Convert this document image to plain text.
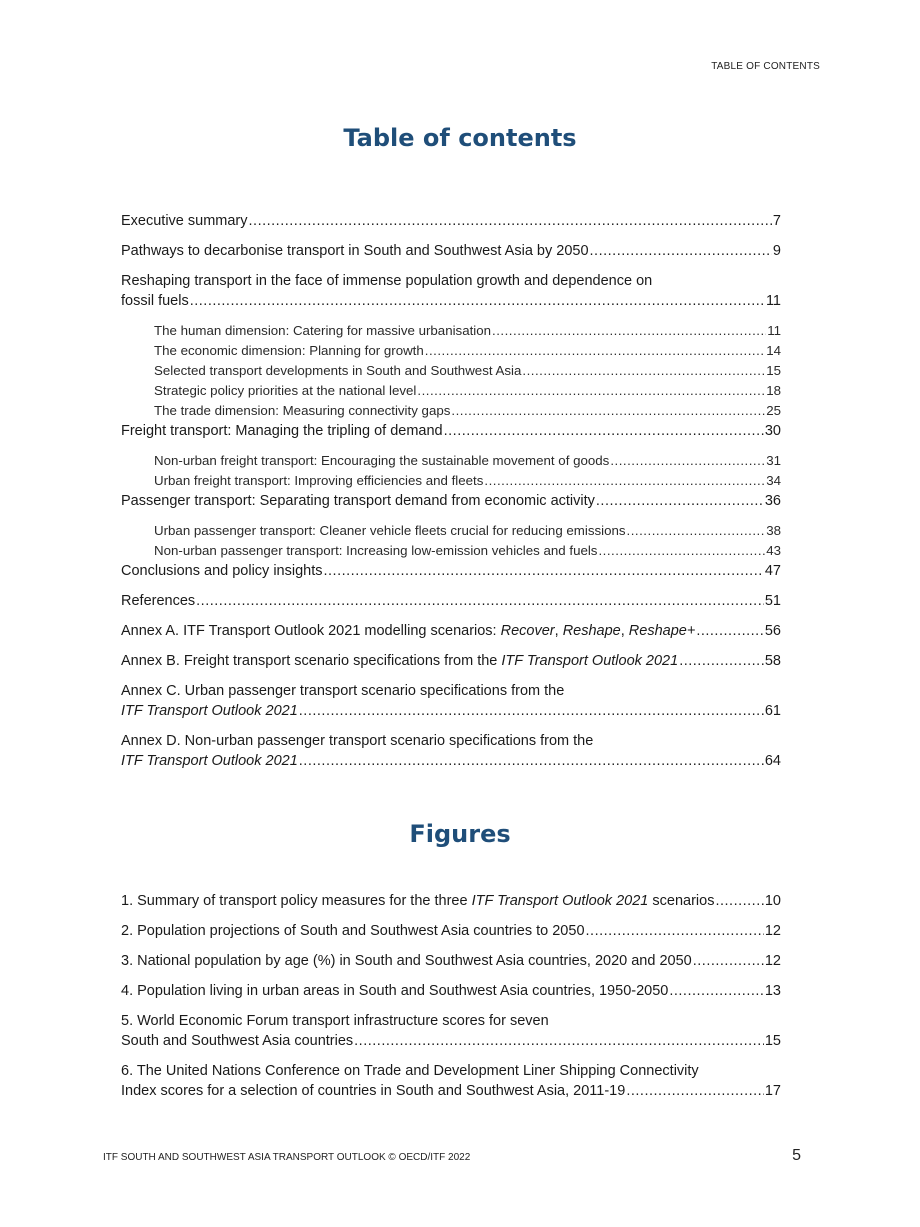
TABLE OF CONTENTS
Table of contents
Executive summary .....	7
Pathways to decarbonise transport in South and Southwest Asia by 2050 .....	9
Reshaping transport in the face of immense population growth and dependence on
fossil fuels .....	11
The human dimension: Catering for massive urbanisation .....	11
The economic dimension: Planning for growth .....	14
Selected transport developments in South and Southwest Asia .....	15
Strategic policy priorities at the national level .....	18
The trade dimension: Measuring connectivity gaps .....	25
Freight transport: Managing the tripling of demand .....	30
Non-urban freight transport: Encouraging the sustainable movement of goods .....	31
Urban freight transport: Improving efficiencies and fleets .....	34
Passenger transport: Separating transport demand from economic activity .....	36
Urban passenger transport: Cleaner vehicle fleets crucial for reducing emissions .....	38
Non-urban passenger transport: Increasing low-emission vehicles and fuels .....	43
Conclusions and policy insights .....	47
References .....	51
Annex A. ITF Transport Outlook 2021 modelling scenarios: Recover, Reshape, Reshape+ .....	56
Annex B. Freight transport scenario specifications from the ITF Transport Outlook 2021 .....	58
Annex C. Urban passenger transport scenario specifications from the
ITF Transport Outlook 2021 .....	61
Annex D. Non-urban passenger transport scenario specifications from the
ITF Transport Outlook 2021 .....	64
Figures
1. Summary of transport policy measures for the three ITF Transport Outlook 2021 scenarios .....	10
2. Population projections of South and Southwest Asia countries to 2050 .....	12
3. National population by age (%) in South and Southwest Asia countries, 2020 and 2050 .....	12
4. Population living in urban areas in South and Southwest Asia countries, 1950-2050 .....	13
5. World Economic Forum transport infrastructure scores for seven
South and Southwest Asia countries .....	15
6. The United Nations Conference on Trade and Development Liner Shipping Connectivity
Index scores for a selection of countries in South and Southwest Asia, 2011-19 .....	17
ITF SOUTH AND SOUTHWEST ASIA TRANSPORT OUTLOOK © OECD/ITF 2022	5
